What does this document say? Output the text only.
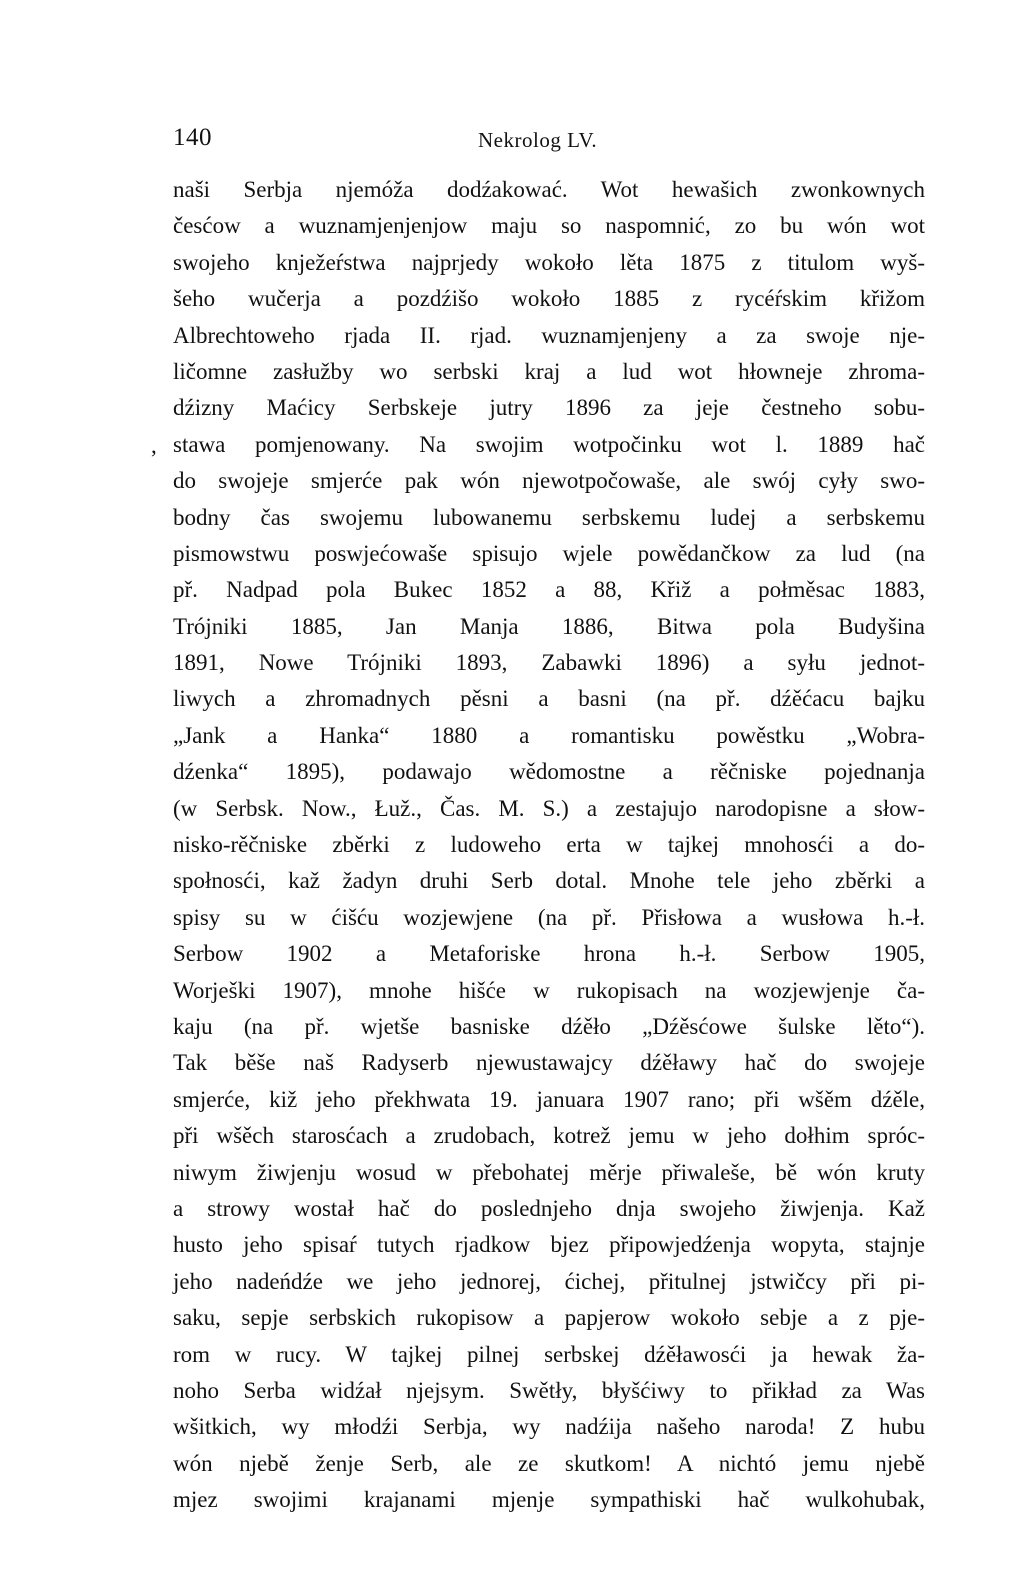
140	Nekrolog LV.
,
naši Serbja njemóža dodźakować. Wot hewašich zwonkownych
česćow a wuznamjenjenjow maju so naspomnić, zo bu wón wot
swojeho knježeŕstwa najprjedy wokoło lěta 1875 z titulom wyš-
šeho wučerja a pozdźišo wokoło 1885 z rycéŕskim křižom
Albrechtoweho rjada II. rjad. wuznamjenjeny a za swoje nje-
ličomne zasłužby wo serbski kraj a lud wot hłowneje zhroma-
dźizny Maćicy Serbskeje jutry 1896 za jeje čestneho sobu-
stawa pomjenowany. Na swojim wotpočinku wot l. 1889 hač
do swojeje smjerće pak wón njewotpočowaše, ale swój cyły swo-
bodny čas swojemu lubowanemu serbskemu ludej a serbskemu
pismowstwu poswjećowaše spisujo wjele powědančkow za lud (na
př. Nadpad pola Bukec 1852 a 88, Křiž a połměsac 1883,
Trójniki 1885, Jan Manja 1886, Bitwa pola Budyšina
1891, Nowe Trójniki 1893, Zabawki 1896) a syłu jednot-
liwych a zhromadnych pěsni a basni (na př. dźěćacu bajku
„Jank a Hanka“ 1880 a romantisku powěstku „Wobra-
dźenka“ 1895), podawajo wědomostne a rěčniske pojednanja
(w Serbsk. Now., Łuž., Čas. M. S.) a zestajujo narodopisne a słow-
nisko-rěčniske zběrki z ludoweho erta w tajkej mnohosći a do-
społnosći, kaž žadyn druhi Serb dotal. Mnohe tele jeho zběrki a
spisy su w ćišću wozjewjene (na př. Přisłowa a wusłowa h.-ł.
Serbow 1902 a Metaforiske hrona h.-ł. Serbow 1905,
Worješki 1907), mnohe hišće w rukopisach na wozjewjenje ča-
kaju (na př. wjetše basniske dźěło „Dźěsćowe šulske lěto“).
Tak běše naš Radyserb njewustawajcy dźěławy hač do swojeje
smjerće, kiž jeho překhwata 19. januara 1907 rano; při wšěm dźěle,
při wšěch starosćach a zrudobach, kotrež jemu w jeho dołhim spróc-
niwym žiwjenju wosud w přebohatej měrje přiwaleše, bě wón kruty
a strowy wostał hač do poslednjeho dnja swojeho žiwjenja. Kaž
husto jeho spisaŕ tutych rjadkow bjez připowjedźenja wopyta, stajnje
jeho nadeńdźe we jeho jednorej, ćichej, přitulnej jstwičcy při pi-
saku, sepje serbskich rukopisow a papjerow wokoło sebje a z pje-
rom w rucy. W tajkej pilnej serbskej dźěławosći ja hewak ža-
noho Serba widźał njejsym. Swětły, błyšćiwy to přikład za Was
wšitkich, wy młodźi Serbja, wy nadźija našeho naroda! Z hubu
wón njebě ženje Serb, ale ze skutkom! A nichtó jemu njebě
mjez swojimi krajanami mjenje sympathiski hač wulkohubak,
